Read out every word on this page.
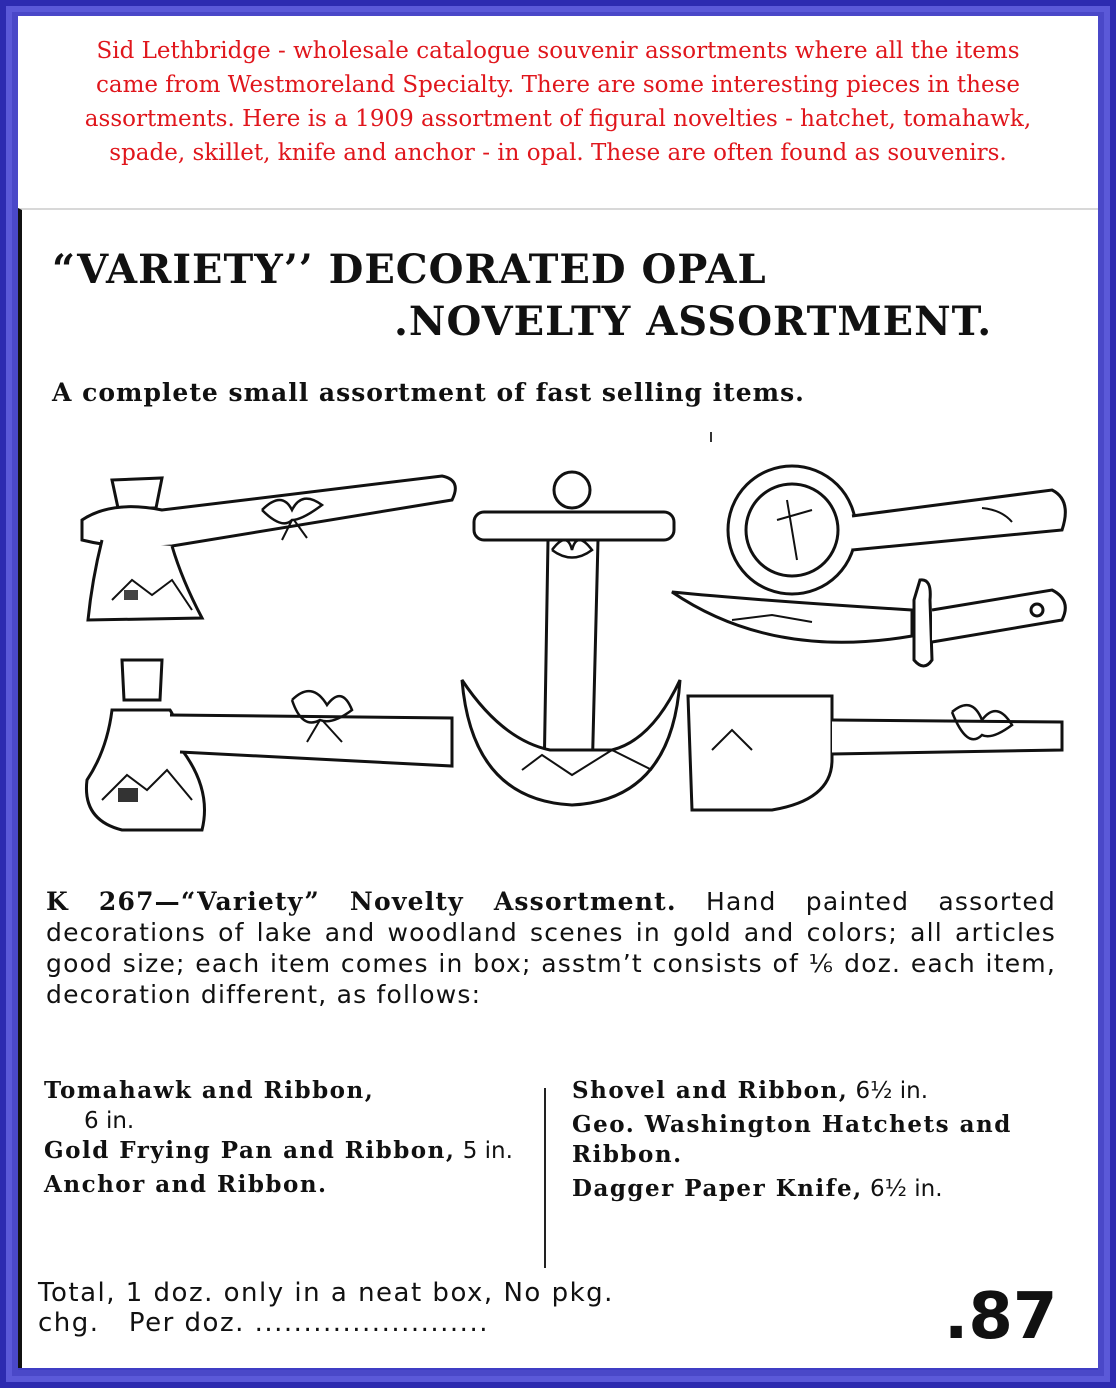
Sid Lethbridge - wholesale catalogue souvenir assortments where all the items came from Westmoreland Specialty. There are some interesting pieces in these assortments. Here is a 1909 assortment of figural novelties - hatchet, tomahawk, spade, skillet, knife and anchor - in opal. These are often found as souvenirs.
“VARIETY’’ DECORATED OPAL
.NOVELTY ASSORTMENT.
A complete small assortment of fast selling items.
K 267—“Variety” Novelty Assortment. Hand painted assorted decorations of lake and woodland scenes in gold and colors; all articles good size; each item comes in box; asstm’t consists of ⅙ doz. each item, decoration different, as follows:
Tomahawk and Ribbon,
6 in.
Gold Frying Pan and Ribbon, 5 in.
Anchor and Ribbon.
Shovel and Ribbon, 6½ in.
Geo. Washington Hatchets and Ribbon.
Dagger Paper Knife, 6½ in.
Total, 1 doz. only in a neat box, No pkg.
chg.   Per doz. ........................	.87
